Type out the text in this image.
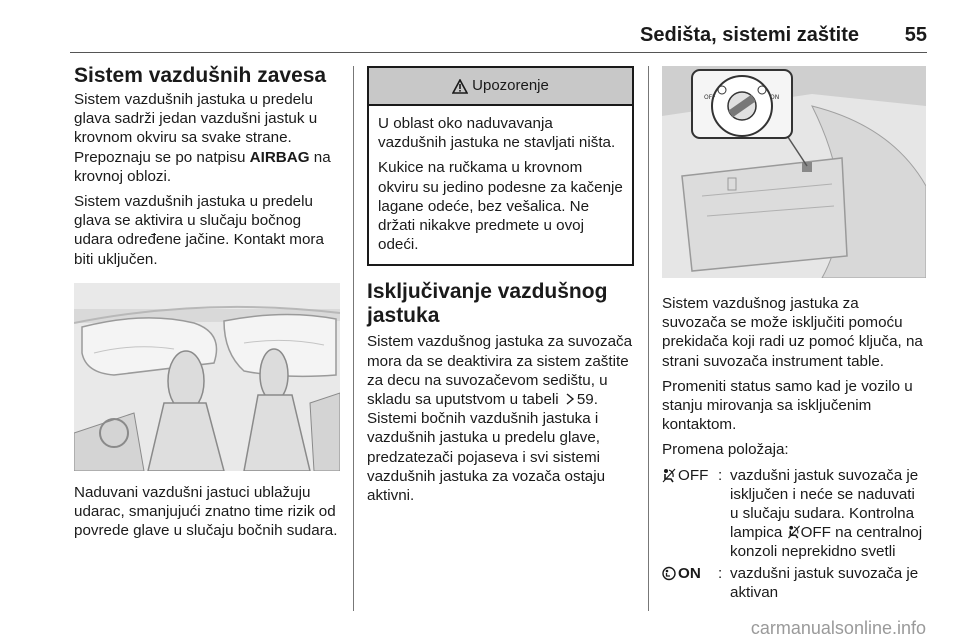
Sedišta, sistemi zaštite 55
Sistem vazdušnih zavesa

Sistem vazdušnih jastuka u predelu glava sadrži jedan vazdušni jastuk u krovnom okviru sa svake strane. Prepoznaju se po natpisu AIRBAG na krovnoj oblozi.

Sistem vazdušnih jastuka u predelu glava se aktivira u slučaju bočnog udara određene jačine. Kontakt mora biti uključen.

Naduvani vazdušni jastuci ublažuju udarac, smanjujući znatno time rizik od povrede glave u slučaju bočnih sudara.

Upozorenje

U oblast oko naduvavanja vazdušnih jastuka ne stavljati ništa.

Kukice na ručkama u krovnom okviru su jedino podesne za kačenje lagane odeće, bez vešalica. Ne držati nikakve predmete u ovoj odeći.

Isključivanje vazdušnog jastuka

Sistem vazdušnog jastuka za suvozača mora da se deaktivira za sistem zaštite za decu na suvozačevom sedištu, u skladu sa uputstvom u tabeli 59. Sistemi bočnih vazdušnih jastuka i vazdušnih jastuka u predelu glave, predzatezači pojaseva i svi sistemi vazdušnih jastuka za vozača ostaju aktivni.

OFF	ON

Sistem vazdušnog jastuka za suvozača se može isključiti pomoću prekidača koji radi uz pomoć ključa, na strani suvozača instrument table.

Promeniti status samo kad je vozilo u stanju mirovanja sa isključenim kontaktom.

Promena položaja:

OFF : vazdušni jastuk suvozača je isključen i neće se naduvati u slučaju sudara. Kontrolna lampica OFF na centralnoj konzoli neprekidno svetli
ON : vazdušni jastuk suvozača je aktivan
carmanualsonline.info
